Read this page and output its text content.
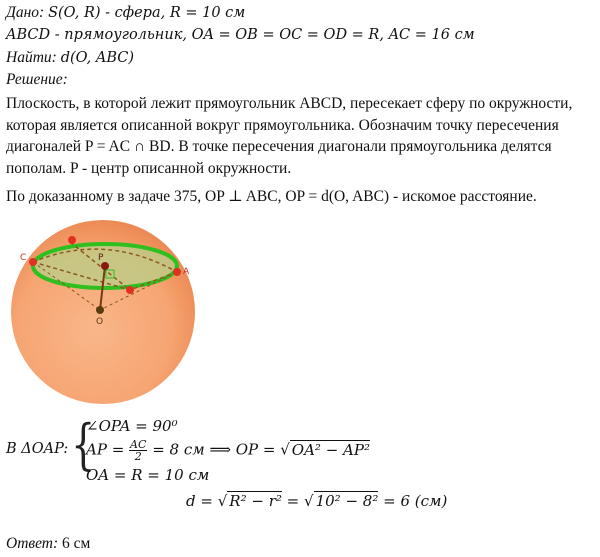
Дано: S(O, R) - сфера, R = 10 см
ABCD - прямоугольник, OA = OB = OC = OD = R, AC = 16 см
Найти: d(O, ABC)
Решение:
Плоскость, в которой лежит прямоугольник ABCD, пересекает сферу по окружности, которая является описанной вокруг прямоугольника. Обозначим точку пересечения диагоналей P = AC ∩ BD. В точке пересечения диагонали прямоугольника делятся пополам. P - центр описанной окружности.
По доказанному в задаче 375, OP ⊥ ABC, OP = d(O, ABC) - искомое расстояние.
C
A
P
O
В ΔOAP: {
∠OPA = 90⁰
AP = $\frac{AC}{2} = 8$ см ⟹ OP = √ OA² − AP²
OA = R = 10 см
d = √ R² − r² = √ 10² − 8² = 6 (см)
Ответ: 6 см
